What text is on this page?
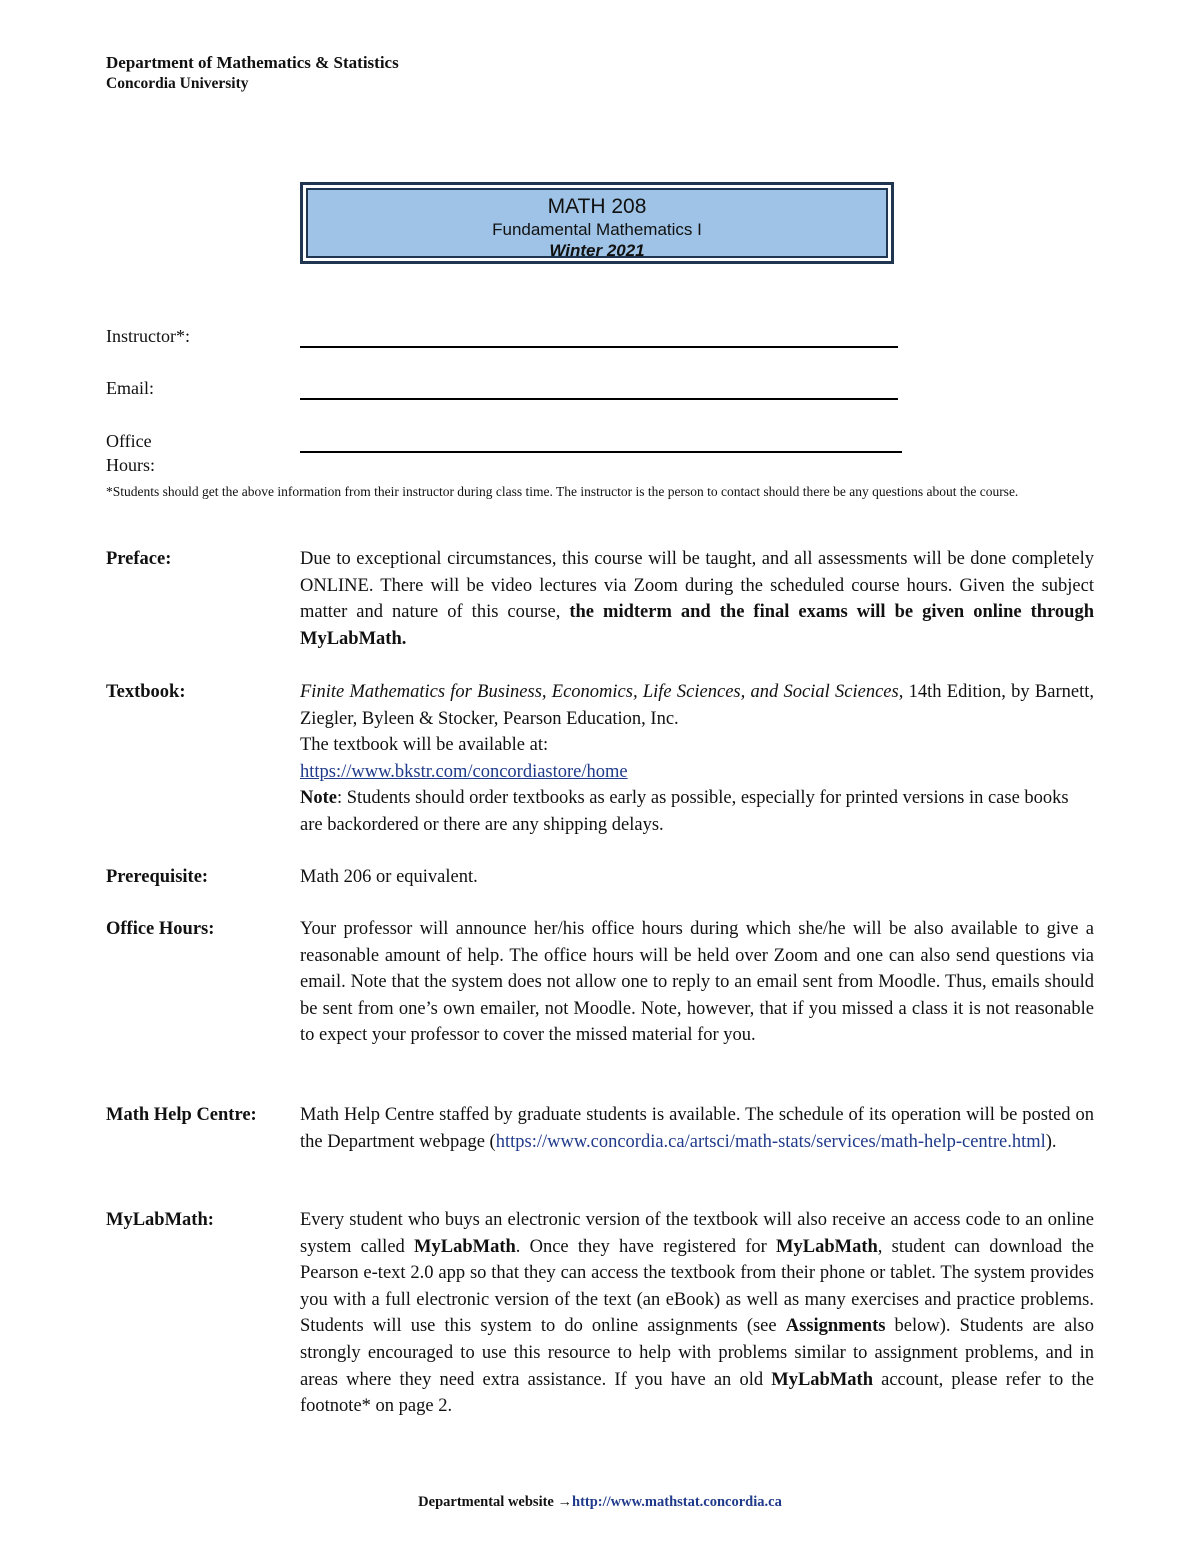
Department of Mathematics & Statistics
Concordia University
MATH 208
Fundamental Mathematics I
Winter 2021
Instructor*:
Email:
Office Hours:
*Students should get the above information from their instructor during class time. The instructor is the person to contact should there be any questions about the course.
Preface:	Due to exceptional circumstances, this course will be taught, and all assessments will be done completely ONLINE. There will be video lectures via Zoom during the scheduled course hours. Given the subject matter and nature of this course, the midterm and the final exams will be given online through MyLabMath.
Textbook:	Finite Mathematics for Business, Economics, Life Sciences, and Social Sciences, 14th Edition, by Barnett, Ziegler, Byleen & Stocker, Pearson Education, Inc.
The textbook will be available at:
https://www.bkstr.com/concordiastore/home
Note: Students should order textbooks as early as possible, especially for printed versions in case books are backordered or there are any shipping delays.
Prerequisite:	Math 206 or equivalent.
Office Hours:	Your professor will announce her/his office hours during which she/he will be also available to give a reasonable amount of help. The office hours will be held over Zoom and one can also send questions via email. Note that the system does not allow one to reply to an email sent from Moodle. Thus, emails should be sent from one’s own emailer, not Moodle. Note, however, that if you missed a class it is not reasonable to expect your professor to cover the missed material for you.
Math Help Centre: Math Help Centre staffed by graduate students is available. The schedule of its operation will be posted on the Department webpage (https://www.concordia.ca/artsci/math-stats/services/math-help-centre.html).
MyLabMath:	Every student who buys an electronic version of the textbook will also receive an access code to an online system called MyLabMath. Once they have registered for MyLabMath, student can download the Pearson e-text 2.0 app so that they can access the textbook from their phone or tablet. The system provides you with a full electronic version of the text (an eBook) as well as many exercises and practice problems. Students will use this system to do online assignments (see Assignments below). Students are also strongly encouraged to use this resource to help with problems similar to assignment problems, and in areas where they need extra assistance. If you have an old MyLabMath account, please refer to the footnote* on page 2.
Departmental website →http://www.mathstat.concordia.ca
